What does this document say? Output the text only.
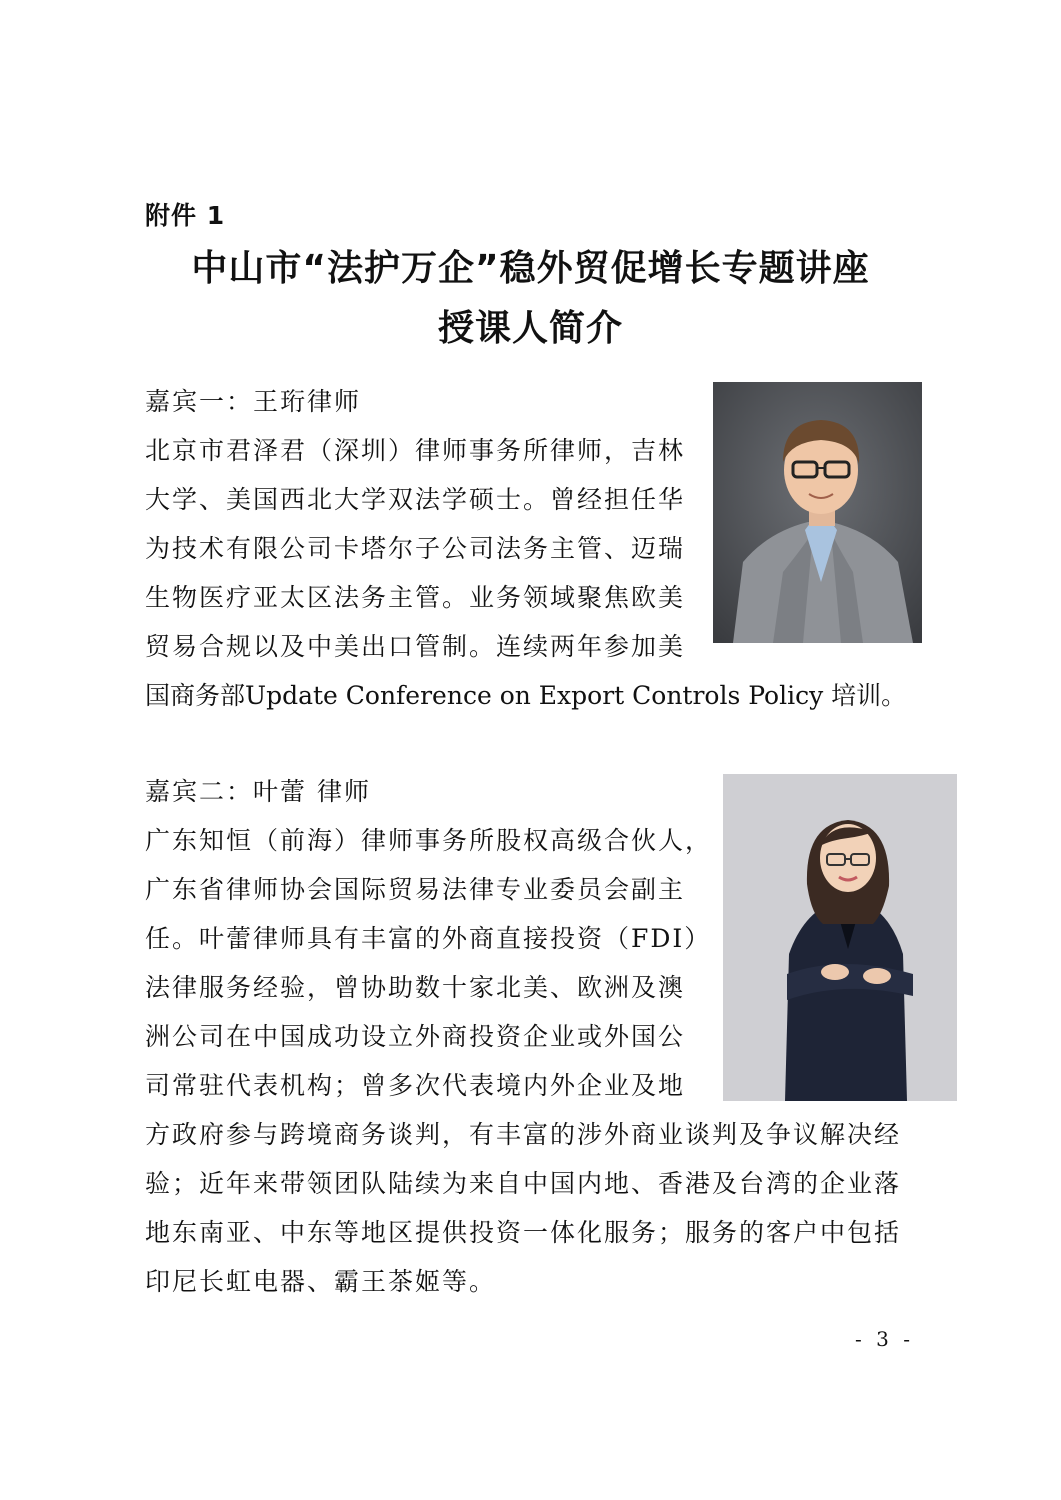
附件 1
中山市“法护万企”稳外贸促增长专题讲座
授课人简介
嘉宾一：王珩律师
北京市君泽君（深圳）律师事务所律师，吉林
大学、美国西北大学双法学硕士。曾经担任华
为技术有限公司卡塔尔子公司法务主管、迈瑞
生物医疗亚太区法务主管。业务领域聚焦欧美
贸易合规以及中美出口管制。连续两年参加美
国商务部Update Conference on Export Controls Policy 培训。
嘉宾二：叶蕾 律师
广东知恒（前海）律师事务所股权高级合伙人，
广东省律师协会国际贸易法律专业委员会副主
任。叶蕾律师具有丰富的外商直接投资（FDI）
法律服务经验，曾协助数十家北美、欧洲及澳
洲公司在中国成功设立外商投资企业或外国公
司常驻代表机构；曾多次代表境内外企业及地
方政府参与跨境商务谈判，有丰富的涉外商业谈判及争议解决经
验；近年来带领团队陆续为来自中国内地、香港及台湾的企业落
地东南亚、中东等地区提供投资一体化服务；服务的客户中包括
印尼长虹电器、霸王茶姬等。
- 3 -
